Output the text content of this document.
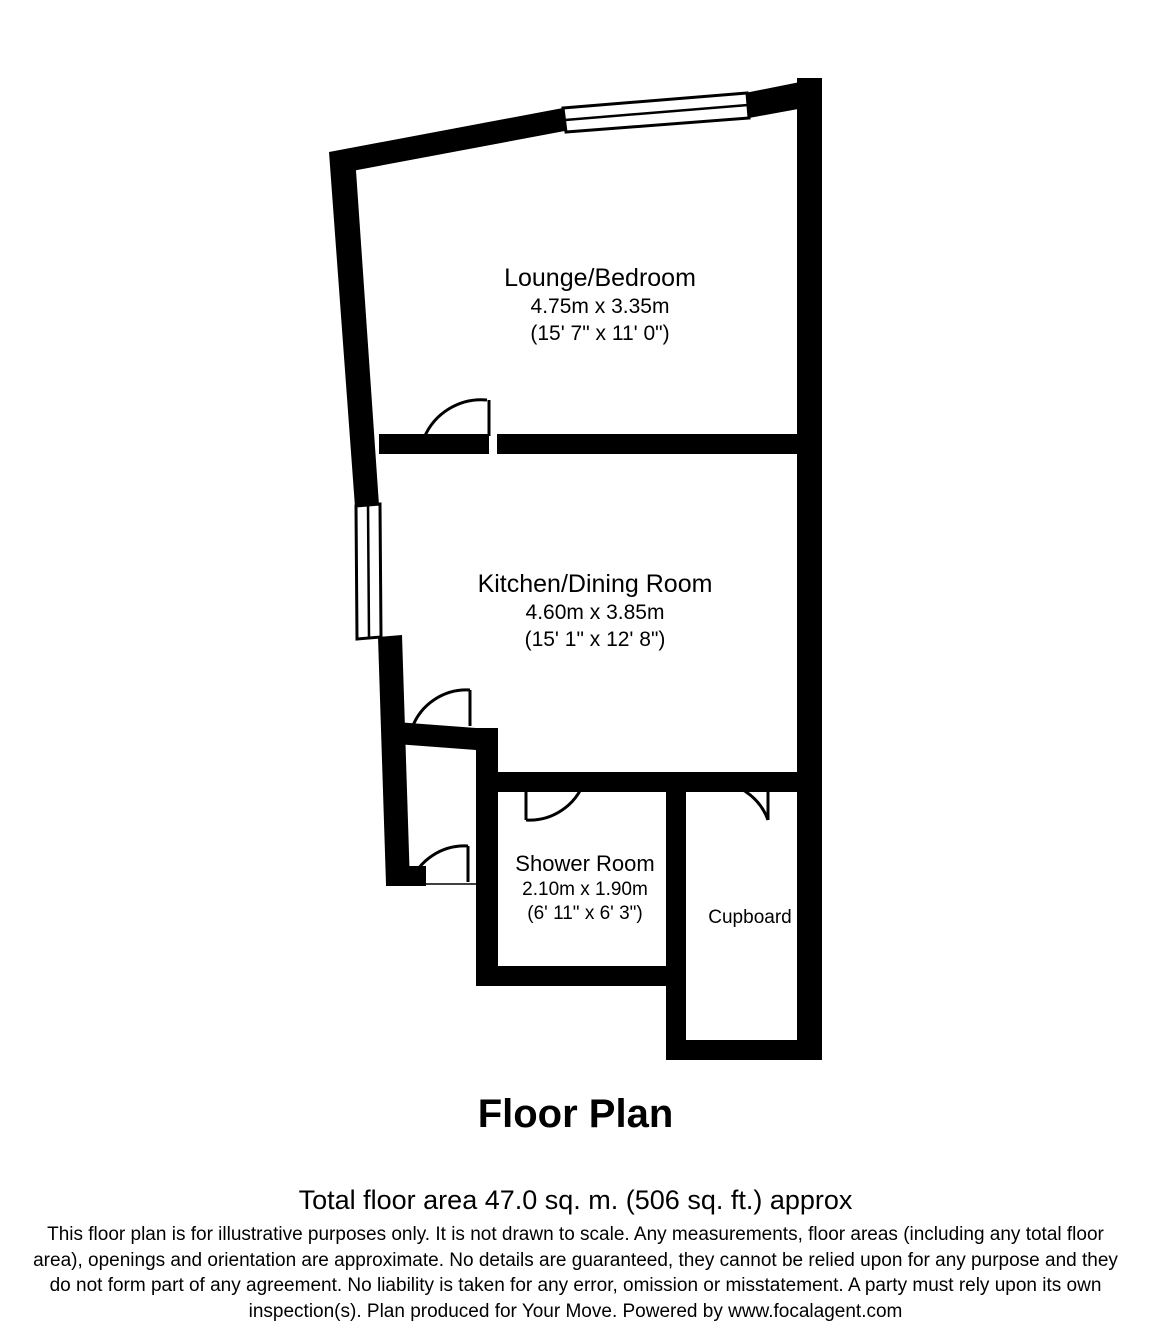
Lounge/Bedroom
4.75m x 3.35m
(15' 7" x 11' 0")
Kitchen/Dining Room
4.60m x 3.85m
(15' 1" x 12' 8")
Shower Room
2.10m x 1.90m
(6' 11" x 6' 3")	Cupboard
Floor Plan
Total floor area 47.0 sq. m. (506 sq. ft.) approx
This floor plan is for illustrative purposes only. It is not drawn to scale. Any measurements, floor areas (including any total floor area), openings and orientation are approximate. No details are guaranteed, they cannot be relied upon for any purpose and they do not form part of any agreement. No liability is taken for any error, omission or misstatement. A party must rely upon its own inspection(s). Plan produced for Your Move. Powered by www.focalagent.com
